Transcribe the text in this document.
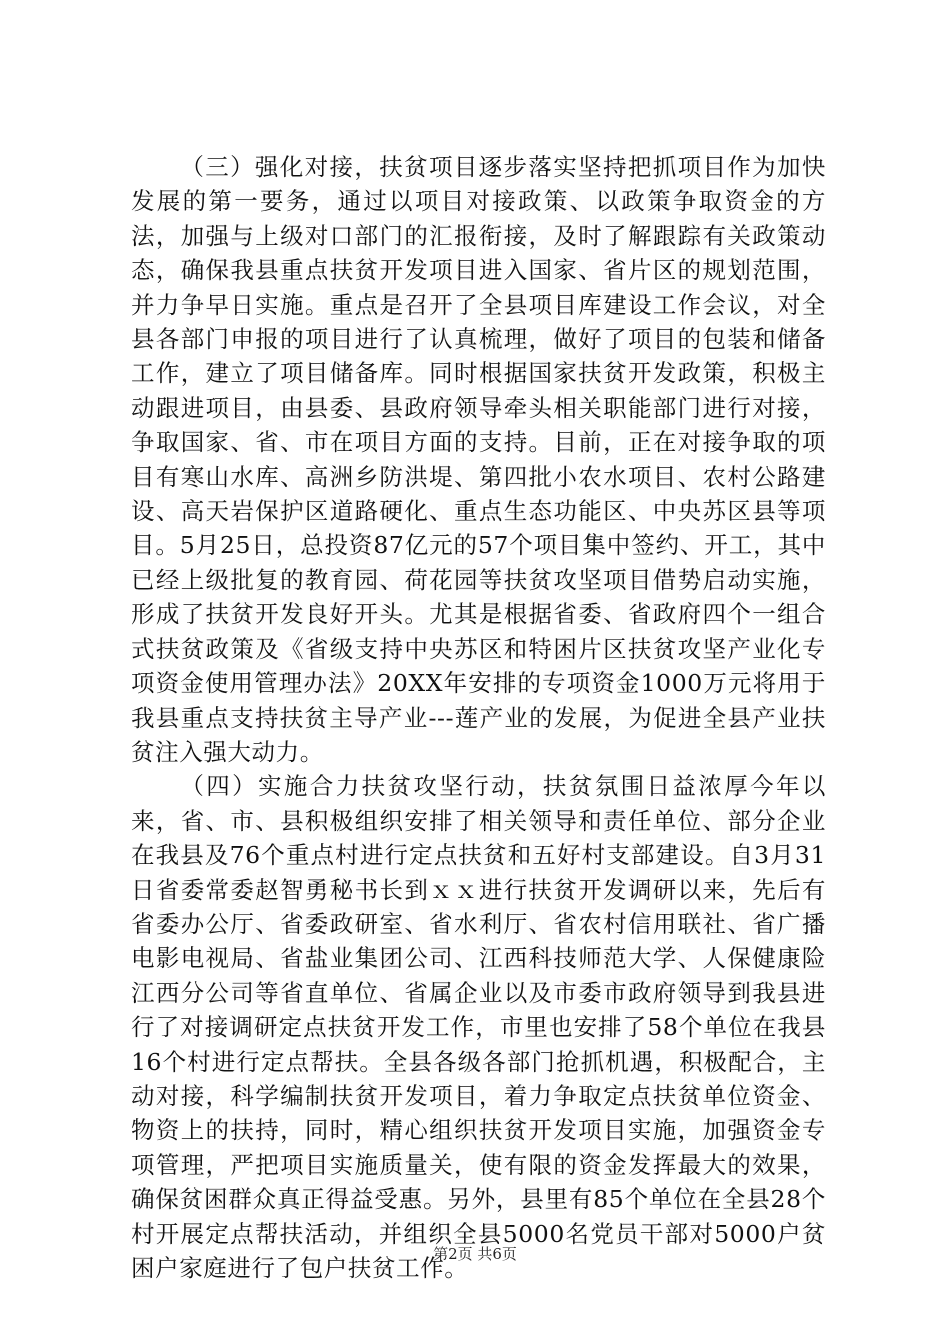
（三）强化对接，扶贫项目逐步落实坚持把抓项目作为加快发展的第一要务，通过以项目对接政策、以政策争取资金的方法，加强与上级对口部门的汇报衔接，及时了解跟踪有关政策动态，确保我县重点扶贫开发项目进入国家、省片区的规划范围，并力争早日实施。重点是召开了全县项目库建设工作会议，对全县各部门申报的项目进行了认真梳理，做好了项目的包装和储备工作，建立了项目储备库。同时根据国家扶贫开发政策，积极主动跟进项目，由县委、县政府领导牵头相关职能部门进行对接，争取国家、省、市在项目方面的支持。目前，正在对接争取的项目有寒山水库、高洲乡防洪堤、第四批小农水项目、农村公路建设、高天岩保护区道路硬化、重点生态功能区、中央苏区县等项目。5月25日，总投资87亿元的57个项目集中签约、开工，其中已经上级批复的教育园、荷花园等扶贫攻坚项目借势启动实施，形成了扶贫开发良好开头。尤其是根据省委、省政府四个一组合式扶贫政策及《省级支持中央苏区和特困片区扶贫攻坚产业化专项资金使用管理办法》20XX年安排的专项资金1000万元将用于我县重点支持扶贫主导产业---莲产业的发展，为促进全县产业扶贫注入强大动力。

（四）实施合力扶贫攻坚行动，扶贫氛围日益浓厚今年以来，省、市、县积极组织安排了相关领导和责任单位、部分企业在我县及76个重点村进行定点扶贫和五好村支部建设。自3月31日省委常委赵智勇秘书长到ｘｘ进行扶贫开发调研以来，先后有省委办公厅、省委政研室、省水利厅、省农村信用联社、省广播电影电视局、省盐业集团公司、江西科技师范大学、人保健康险江西分公司等省直单位、省属企业以及市委市政府领导到我县进行了对接调研定点扶贫开发工作，市里也安排了58个单位在我县16个村进行定点帮扶。全县各级各部门抢抓机遇，积极配合，主动对接，科学编制扶贫开发项目，着力争取定点扶贫单位资金、物资上的扶持，同时，精心组织扶贫开发项目实施，加强资金专项管理，严把项目实施质量关，使有限的资金发挥最大的效果，确保贫困群众真正得益受惠。另外，县里有85个单位在全县28个村开展定点帮扶活动，并组织全县5000名党员干部对5000户贫困户家庭进行了包户扶贫工作。

第2页 共6页
